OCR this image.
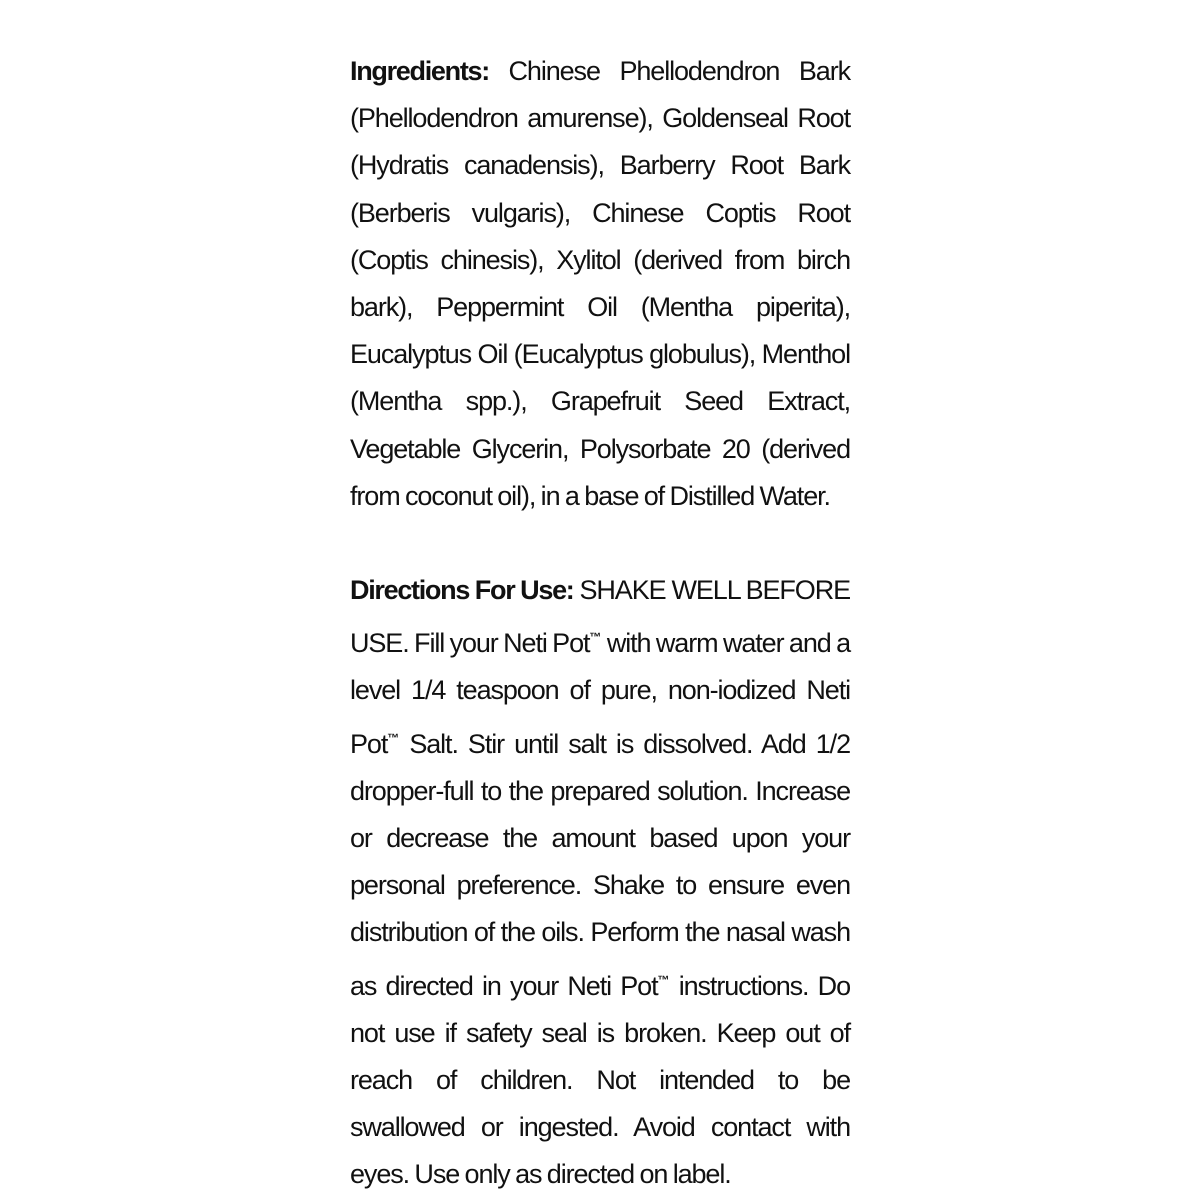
Ingredients: Chinese Phellodendron Bark (Phellodendron amurense), Goldenseal Root (Hydratis canadensis), Barberry Root Bark (Berberis vulgaris), Chinese Coptis Root (Coptis chinesis), Xylitol (derived from birch bark), Peppermint Oil (Mentha piperita), Eucalyptus Oil (Eucalyptus globulus), Menthol (Mentha spp.), Grapefruit Seed Extract, Vegetable Glycerin, Polysorbate 20 (derived from coconut oil), in a base of Distilled Water.

Directions For Use: SHAKE WELL BEFORE USE. Fill your Neti Pot™ with warm water and a level 1/4 teaspoon of pure, non-iodized Neti Pot™ Salt. Stir until salt is dissolved. Add 1/2 dropper-full to the prepared solution. Increase or decrease the amount based upon your personal preference. Shake to ensure even distribution of the oils. Perform the nasal wash as directed in your Neti Pot™ instructions. Do not use if safety seal is broken. Keep out of reach of children. Not intended to be swallowed or ingested. Avoid contact with eyes. Use only as directed on label.
